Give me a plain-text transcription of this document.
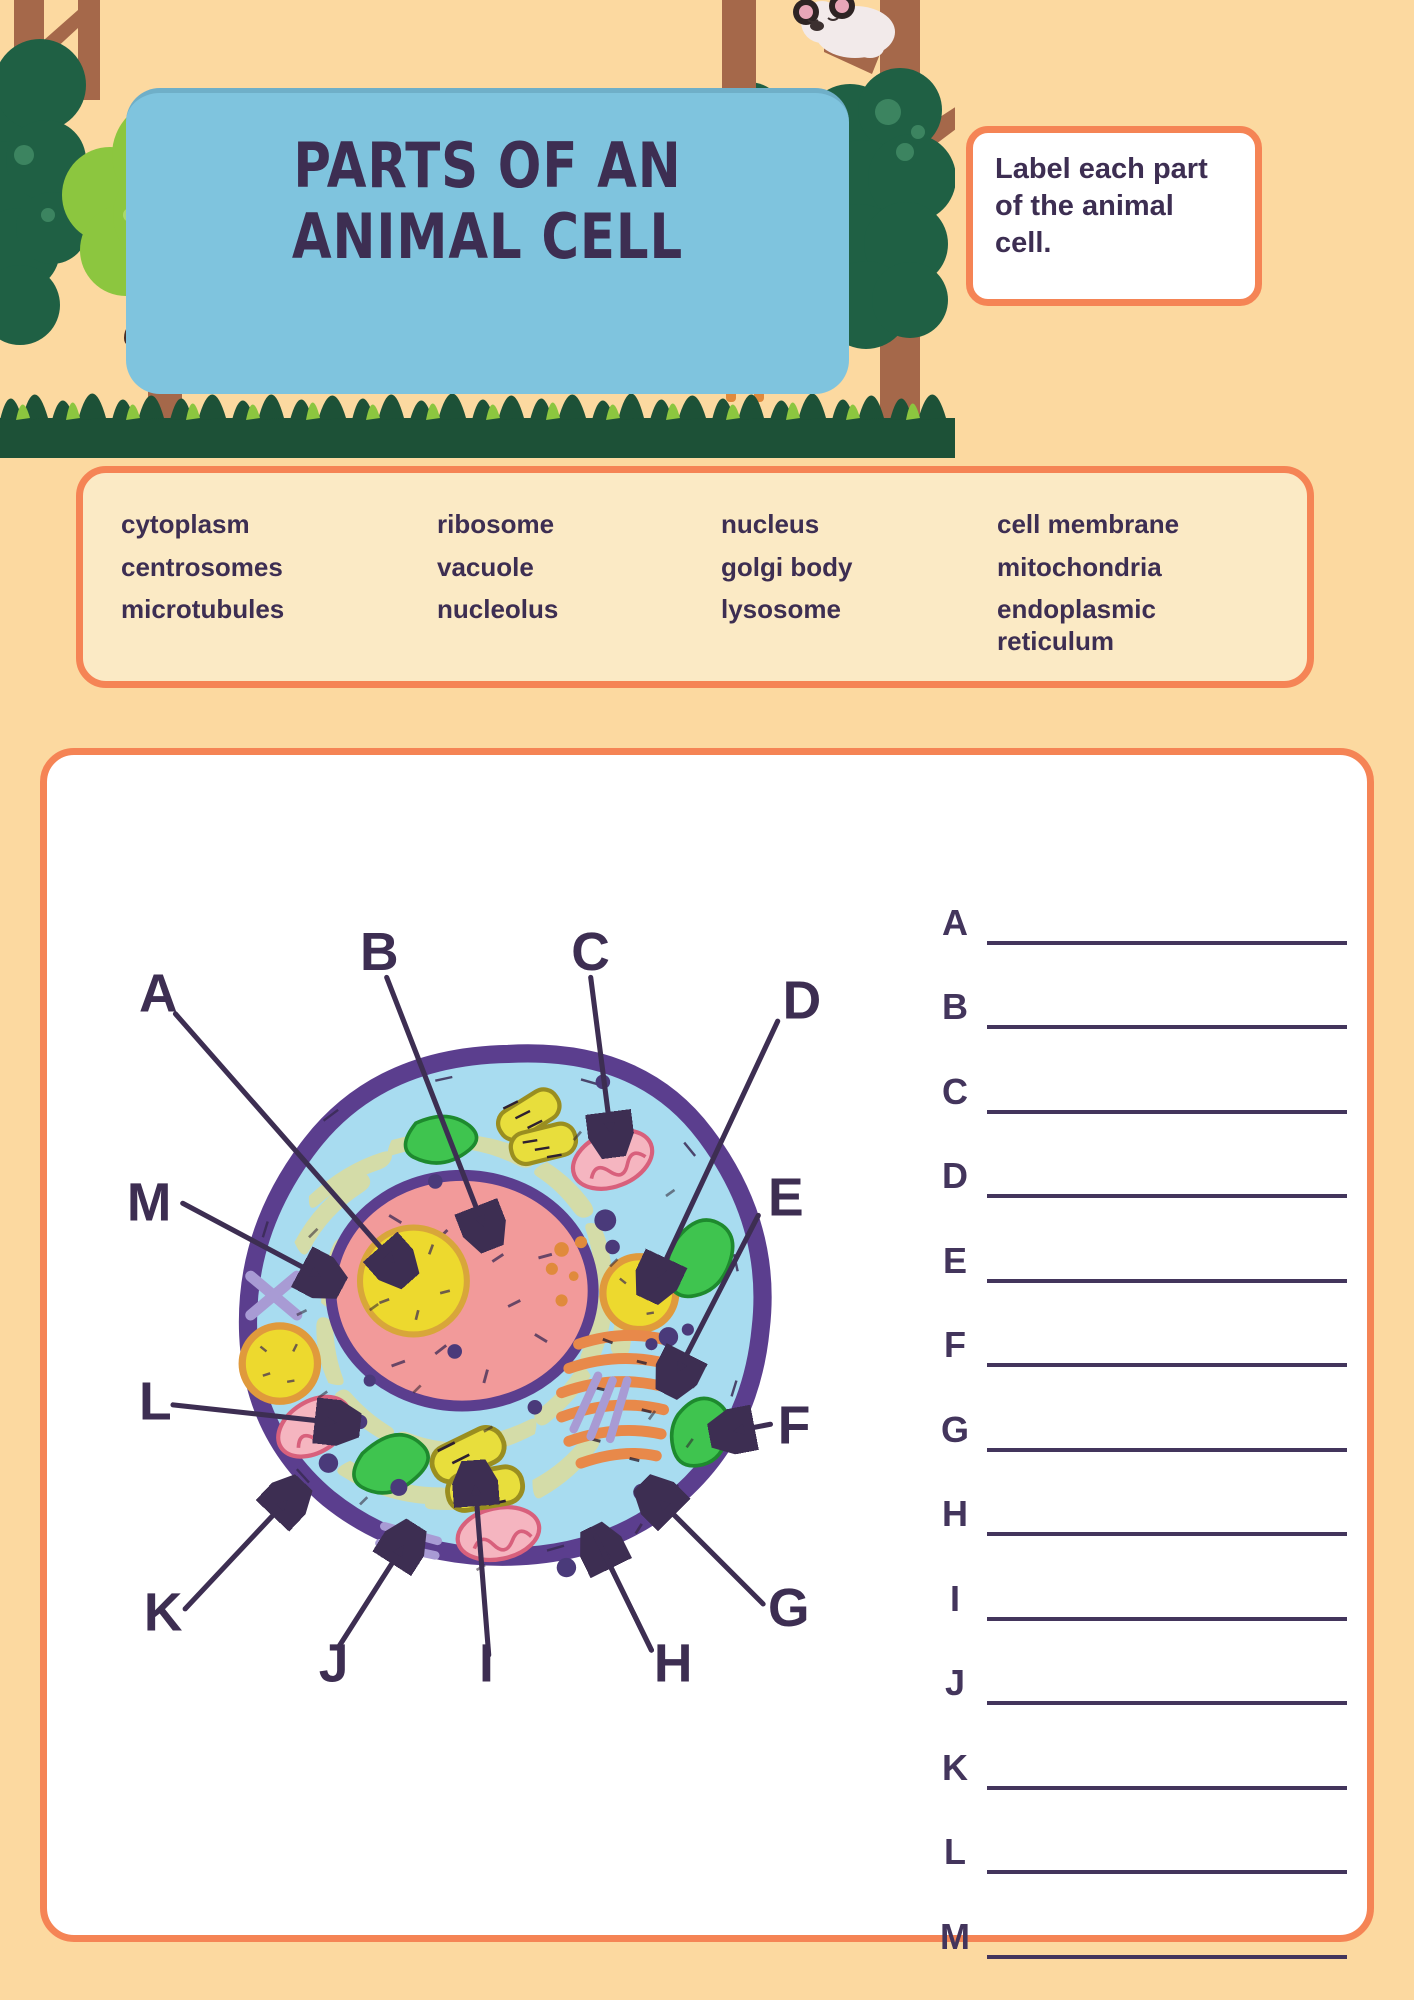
PARTS OF AN
ANIMAL CELL

Label each part of the animal cell.

cytoplasm	ribosome	nucleus	cell membrane
centrosomes	vacuole	golgi body	mitochondria
microtubules	nucleolus	lysosome	endoplasmic reticulum
A
B	C
D
E
F
G
H
I
J
K
L
M
A
B
C
D
E
F
G
H
I
J
K
L
M
